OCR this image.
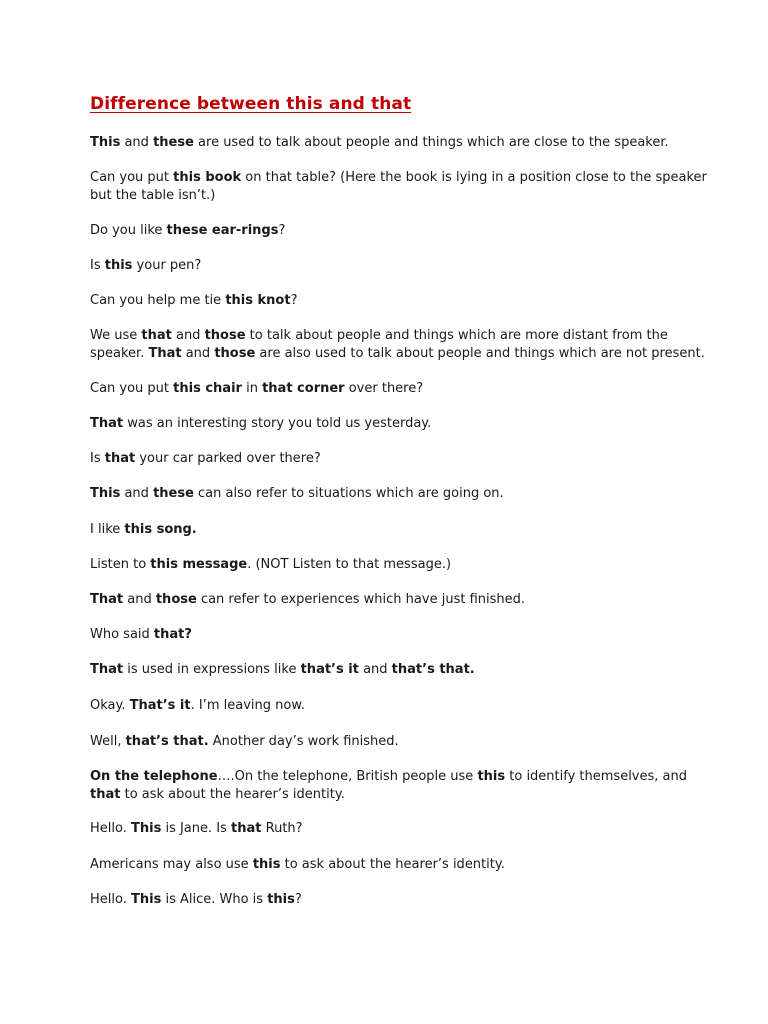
Difference between this and that
This and these are used to talk about people and things which are close to the speaker.
Can you put this book on that table? (Here the book is lying in a position close to the speaker
but the table isn’t.)
Do you like these ear-rings?
Is this your pen?
Can you help me tie this knot?
We use that and those to talk about people and things which are more distant from the
speaker. That and those are also used to talk about people and things which are not present.
Can you put this chair in that corner over there?
That was an interesting story you told us yesterday.
Is that your car parked over there?
This and these can also refer to situations which are going on.
I like this song.
Listen to this message. (NOT Listen to that message.)
That and those can refer to experiences which have just finished.
Who said that?
That is used in expressions like that’s it and that’s that.
Okay. That’s it. I’m leaving now.
Well, that’s that. Another day’s work finished.
On the telephone….On the telephone, British people use this to identify themselves, and
that to ask about the hearer’s identity.
Hello. This is Jane. Is that Ruth?
Americans may also use this to ask about the hearer’s identity.
Hello. This is Alice. Who is this?
